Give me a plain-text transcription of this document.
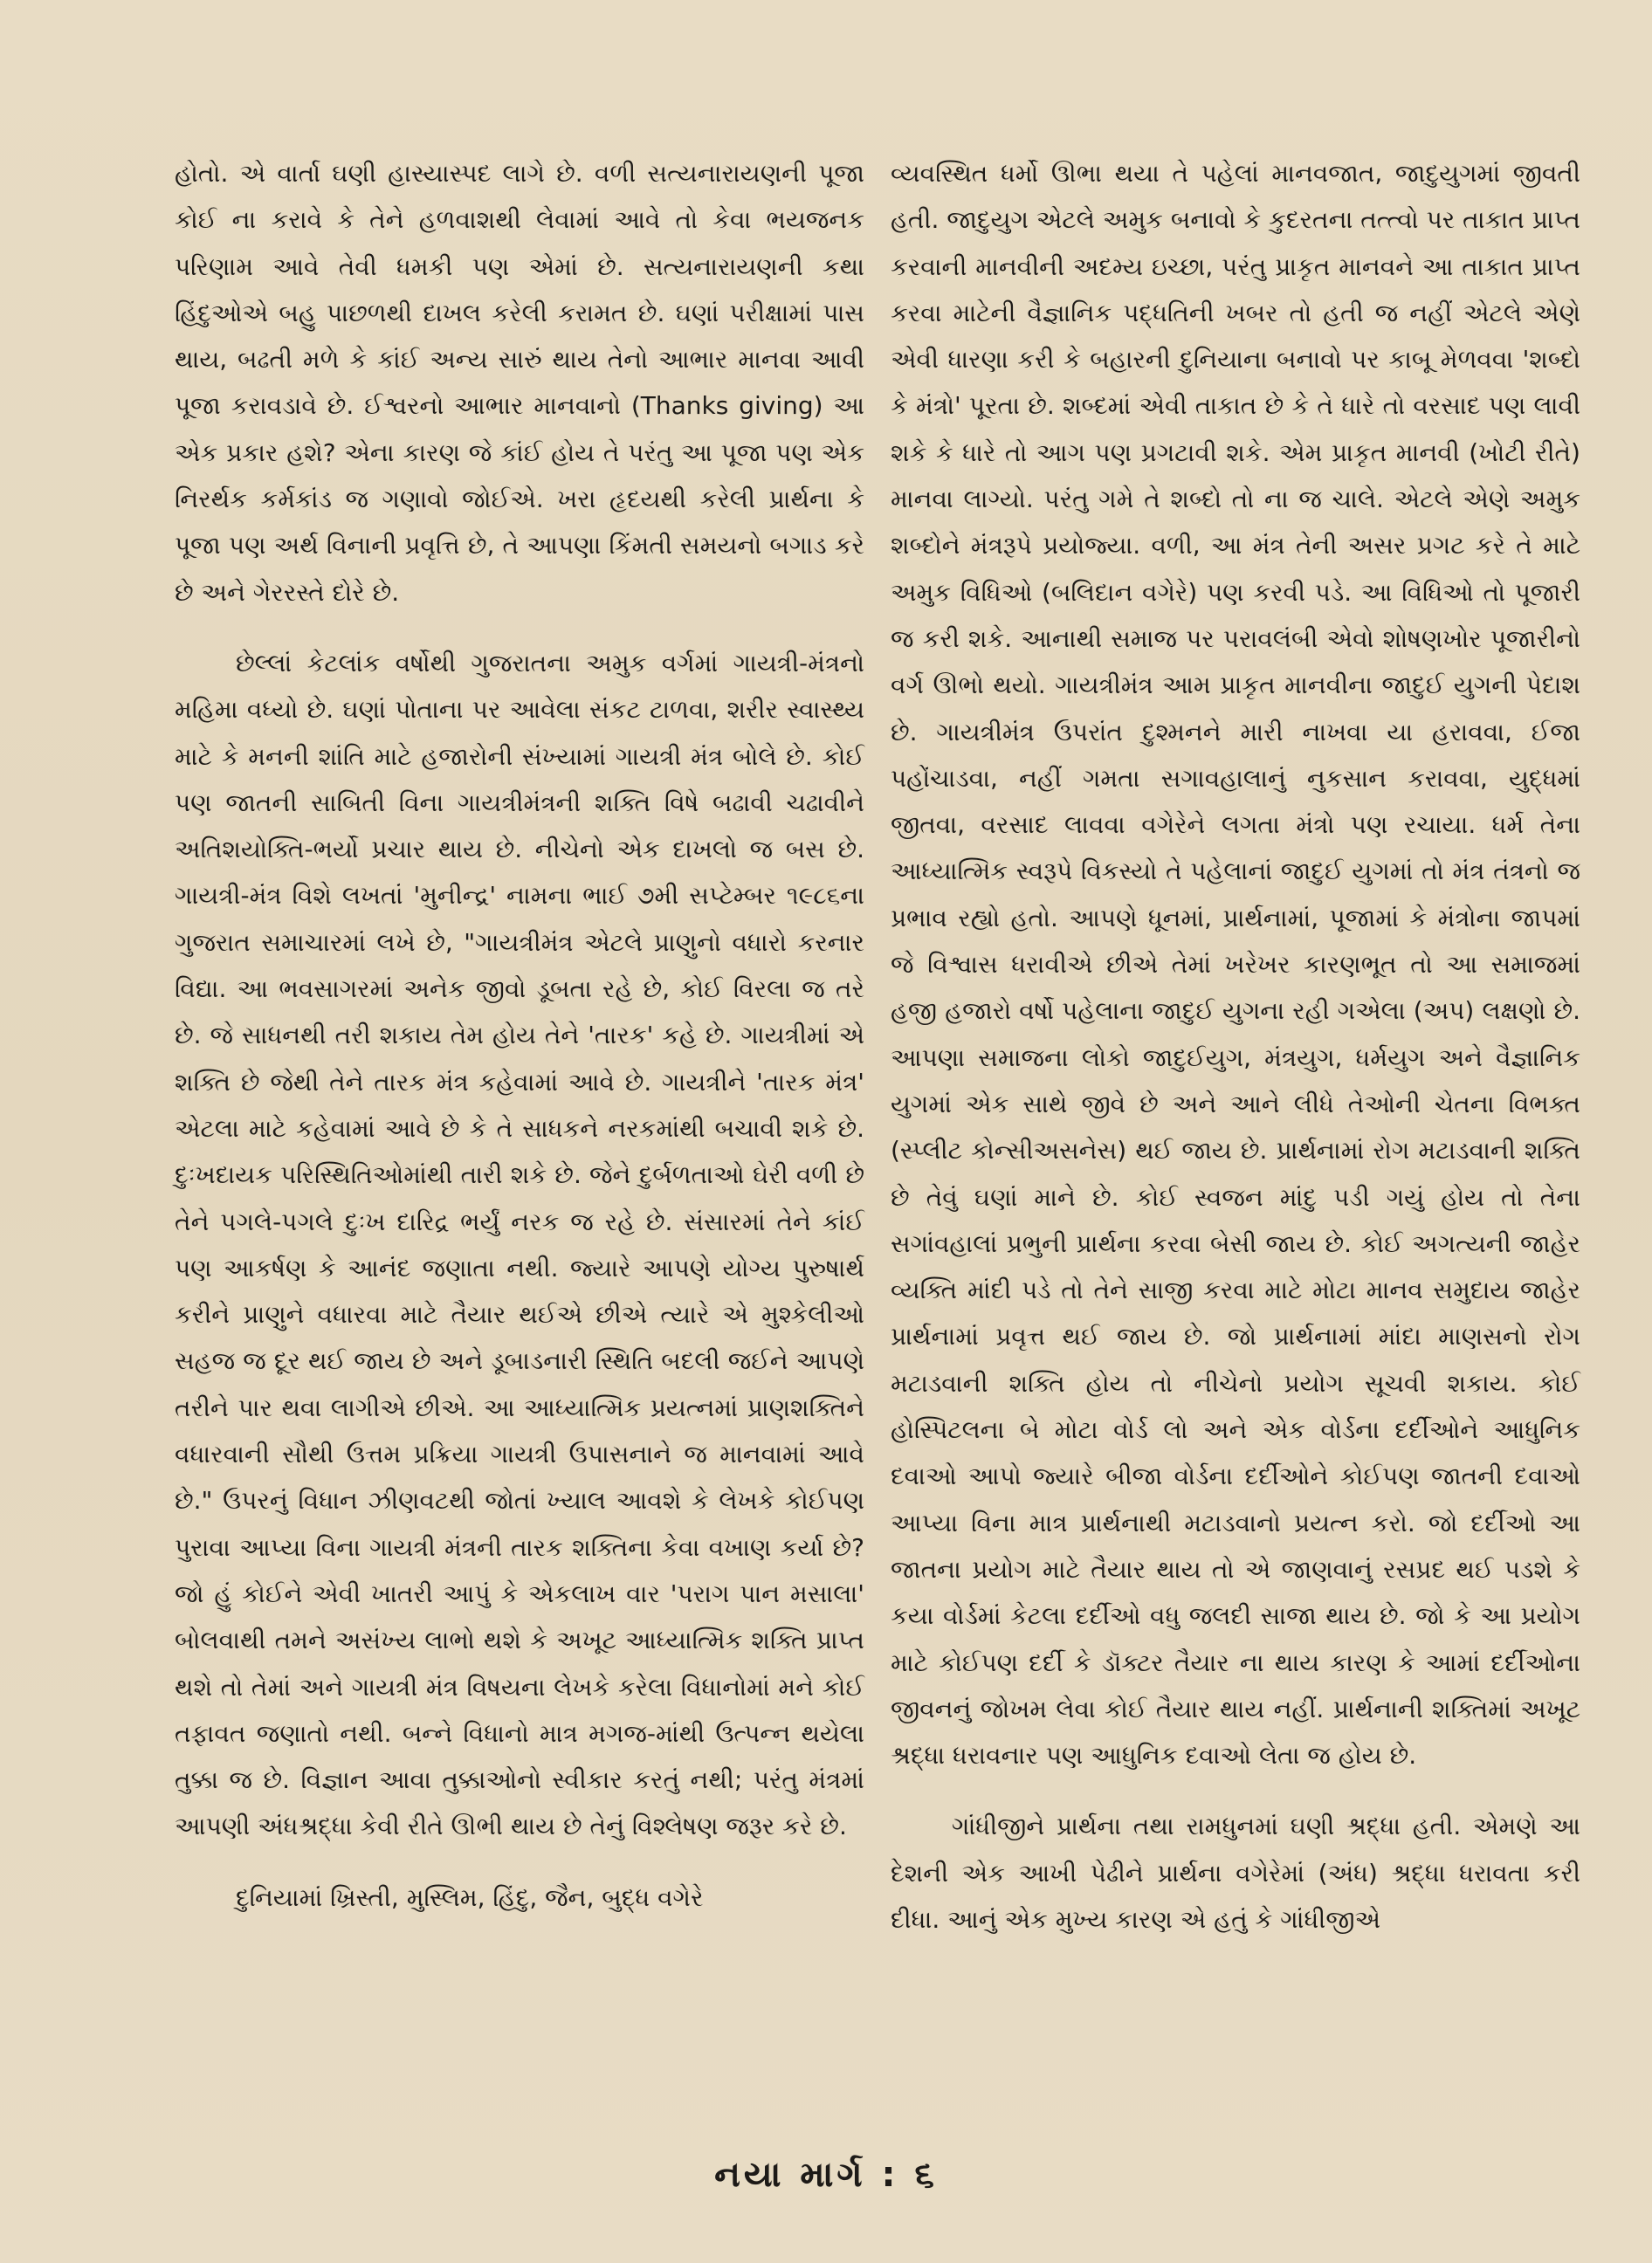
હોતો. એ વાર્તા ઘણી હાસ્યાસ્પદ લાગે છે. વળી સત્યનારાયણની પૂજા કોઈ ના કરાવે કે તેને હળવાશથી લેવામાં આવે તો કેવા ભયજનક પરિણામ આવે તેવી ધમકી પણ એમાં છે. સત્યનારાયણની કથા હિંદુઓએ બહુ પાછળથી દાખલ કરેલી કરામત છે. ઘણાં પરીક્ષામાં પાસ થાય, બઢતી મળે કે કાંઈ અન્ય સારું થાય તેનો આભાર માનવા આવી પૂજા કરાવડાવે છે. ઈશ્વરનો આભાર માનવાનો (Thanks giving) આ એક પ્રકાર હશે? એના કારણ જે કાંઈ હોય તે પરંતુ આ પૂજા પણ એક નિરર્થક કર્મકાંડ જ ગણાવો જોઈએ. ખરા હૃદયથી કરેલી પ્રાર્થના કે પૂજા પણ અર્થ વિનાની પ્રવૃત્તિ છે, તે આપણા કિંમતી સમયનો બગાડ કરે છે અને ગેરરસ્તે દોરે છે.

છેલ્લાં કેટલાંક વર્ષોથી ગુજરાતના અમુક વર્ગમાં ગાયત્રી-મંત્રનો મહિમા વધ્યો છે. ઘણાં પોતાના પર આવેલા સંકટ ટાળવા, શરીર સ્વાસ્થ્ય માટે કે મનની શાંતિ માટે હજારોની સંખ્યામાં ગાયત્રી મંત્ર બોલે છે. કોઈ પણ જાતની સાબિતી વિના ગાયત્રીમંત્રની શક્તિ વિષે બઢાવી ચઢાવીને અતિશયોક્તિ-ભર્યો પ્રચાર થાય છે. નીચેનો એક દાખલો જ બસ છે. ગાયત્રી-મંત્ર વિશે લખતાં 'મુનીન્દ્ર' નામના ભાઈ ૭મી સપ્ટેમ્બર ૧૯૮૬ના ગુજરાત સમાચારમાં લખે છે, "ગાયત્રીમંત્ર એટલે પ્રાણુનો વધારો કરનાર વિદ્યા. આ ભવસાગરમાં અનેક જીવો ડૂબતા રહે છે, કોઈ વિરલા જ તરે છે. જે સાધનથી તરી શકાય તેમ હોય તેને 'તારક' કહે છે. ગાયત્રીમાં એ શક્તિ છે જેથી તેને તારક મંત્ર કહેવામાં આવે છે. ગાયત્રીને 'તારક મંત્ર' એટલા માટે કહેવામાં આવે છે કે તે સાધકને નરકમાંથી બચાવી શકે છે. દુઃખદાયક પરિસ્થિતિઓમાંથી તારી શકે છે. જેને દુર્બળતાઓ ઘેરી વળી છે તેને પગલે-પગલે દુઃખ દારિદ્ર ભર્યું નરક જ રહે છે. સંસારમાં તેને કાંઈ પણ આકર્ષણ કે આનંદ જણાતા નથી. જ્યારે આપણે યોગ્ય પુરુષાર્થ કરીને પ્રાણુને વધારવા માટે તૈયાર થઈએ છીએ ત્યારે એ મુશ્કેલીઓ સહજ જ દૂર થઈ જાય છે અને ડૂબાડનારી સ્થિતિ બદલી જઈને આપણે તરીને પાર થવા લાગીએ છીએ. આ આધ્યાત્મિક પ્રયત્નમાં પ્રાણશક્તિને વધારવાની સૌથી ઉત્તમ પ્રક્રિયા ગાયત્રી ઉપાસનાને જ માનવામાં આવે છે." ઉપરનું વિધાન ઝીણવટથી જોતાં ખ્યાલ આવશે કે લેખકે કોઈપણ પુરાવા આપ્યા વિના ગાયત્રી મંત્રની તારક શક્તિના કેવા વખાણ કર્યા છે? જો હું કોઈને એવી ખાતરી આપું કે એકલાખ વાર 'પરાગ પાન મસાલા' બોલવાથી તમને અસંખ્ય લાભો થશે કે અખૂટ આધ્યાત્મિક શક્તિ પ્રાપ્ત થશે તો તેમાં અને ગાયત્રી મંત્ર વિષયના લેખકે કરેલા વિધાનોમાં મને કોઈ તફાવત જણાતો નથી. બન્ને વિધાનો માત્ર મગજ-માંથી ઉત્પન્ન થયેલા તુક્કા જ છે. વિજ્ઞાન આવા તુક્કાઓનો સ્વીકાર કરતું નથી; પરંતુ મંત્રમાં આપણી અંધશ્રદ્ધા કેવી રીતે ઊભી થાય છે તેનું વિશ્લેષણ જરૂર કરે છે.

દુનિયામાં ખ્રિસ્તી, મુસ્લિમ, હિંદુ, જૈન, બુદ્ધ વગેરે

વ્યવસ્થિત ધર્મો ઊભા થયા તે પહેલાં માનવજાત, જાદુયુગમાં જીવતી હતી. જાદુયુગ એટલે અમુક બનાવો કે કુદરતના તત્ત્વો પર તાકાત પ્રાપ્ત કરવાની માનવીની અદમ્ય ઇચ્છા, પરંતુ પ્રાકૃત માનવને આ તાકાત પ્રાપ્ત કરવા માટેની વૈજ્ઞાનિક પદ્ધતિની ખબર તો હતી જ નહીં એટલે એણે એવી ધારણા કરી કે બહારની દુનિયાના બનાવો પર કાબૂ મેળવવા 'શબ્દો કે મંત્રો' પૂરતા છે. શબ્દમાં એવી તાકાત છે કે તે ધારે તો વરસાદ પણ લાવી શકે કે ધારે તો આગ પણ પ્રગટાવી શકે. એમ પ્રાકૃત માનવી (ખોટી રીતે) માનવા લાગ્યો. પરંતુ ગમે તે શબ્દો તો ના જ ચાલે. એટલે એણે અમુક શબ્દોને મંત્રરૂપે પ્રયોજ્યા. વળી, આ મંત્ર તેની અસર પ્રગટ કરે તે માટે અમુક વિધિઓ (બલિદાન વગેરે) પણ કરવી પડે. આ વિધિઓ તો પૂજારી જ કરી શકે. આનાથી સમાજ પર પરાવલંબી એવો શોષણખોર પૂજારીનો વર્ગ ઊભો થયો. ગાયત્રીમંત્ર આમ પ્રાકૃત માનવીના જાદુઈ યુગની પેદાશ છે. ગાયત્રીમંત્ર ઉપરાંત દુશ્મનને મારી નાખવા યા હરાવવા, ઈજા પહોંચાડવા, નહીં ગમતા સગાવહાલાનું નુકસાન કરાવવા, યુદ્ધમાં જીતવા, વરસાદ લાવવા વગેરેને લગતા મંત્રો પણ રચાયા. ધર્મ તેના આધ્યાત્મિક સ્વરૂપે વિકસ્યો તે પહેલાનાં જાદુઈ યુગમાં તો મંત્ર તંત્રનો જ પ્રભાવ રહ્યો હતો. આપણે ધૂનમાં, પ્રાર્થનામાં, પૂજામાં કે મંત્રોના જાપમાં જે વિશ્વાસ ધરાવીએ છીએ તેમાં ખરેખર કારણભૂત તો આ સમાજમાં હજી હજારો વર્ષો પહેલાના જાદુઈ યુગના રહી ગએલા (અપ) લક્ષણો છે. આપણા સમાજના લોકો જાદુઈયુગ, મંત્રયુગ, ધર્મયુગ અને વૈજ્ઞાનિક યુગમાં એક સાથે જીવે છે અને આને લીધે તેઓની ચેતના વિભક્ત (સ્પ્લીટ કોન્સીઅસનેસ) થઈ જાય છે. પ્રાર્થનામાં રોગ મટાડવાની શક્તિ છે તેવું ઘણાં માને છે. કોઈ સ્વજન માંદુ પડી ગયું હોય તો તેના સગાંવહાલાં પ્રભુની પ્રાર્થના કરવા બેસી જાય છે. કોઈ અગત્યની જાહેર વ્યક્તિ માંદી પડે તો તેને સાજી કરવા માટે મોટા માનવ સમુદાય જાહેર પ્રાર્થનામાં પ્રવૃત્ત થઈ જાય છે. જો પ્રાર્થનામાં માંદા માણસનો રોગ મટાડવાની શક્તિ હોય તો નીચેનો પ્રયોગ સૂચવી શકાય. કોઈ હોસ્પિટલના બે મોટા વોર્ડ લો અને એક વોર્ડના દર્દીઓને આધુનિક દવાઓ આપો જ્યારે બીજા વોર્ડના દર્દીઓને કોઈપણ જાતની દવાઓ આપ્યા વિના માત્ર પ્રાર્થનાથી મટાડવાનો પ્રયત્ન કરો. જો દર્દીઓ આ જાતના પ્રયોગ માટે તૈયાર થાય તો એ જાણવાનું રસપ્રદ થઈ પડશે કે કયા વોર્ડમાં કેટલા દર્દીઓ વધુ જલદી સાજા થાય છે. જો કે આ પ્રયોગ માટે કોઈપણ દર્દી કે ડૉક્ટર તૈયાર ના થાય કારણ કે આમાં દર્દીઓના જીવનનું જોખમ લેવા કોઈ તૈયાર થાય નહીં. પ્રાર્થનાની શક્તિમાં અખૂટ શ્રદ્ધા ધરાવનાર પણ આધુનિક દવાઓ લેતા જ હોય છે.

ગાંધીજીને પ્રાર્થના તથા રામધુનમાં ઘણી શ્રદ્ધા હતી. એમણે આ દેશની એક આખી પેઢીને પ્રાર્થના વગેરેમાં (અંધ) શ્રદ્ધા ધરાવતા કરી દીધા. આનું એક મુખ્ય કારણ એ હતું કે ગાંધીજીએ

નયા માર્ગ : ૬
